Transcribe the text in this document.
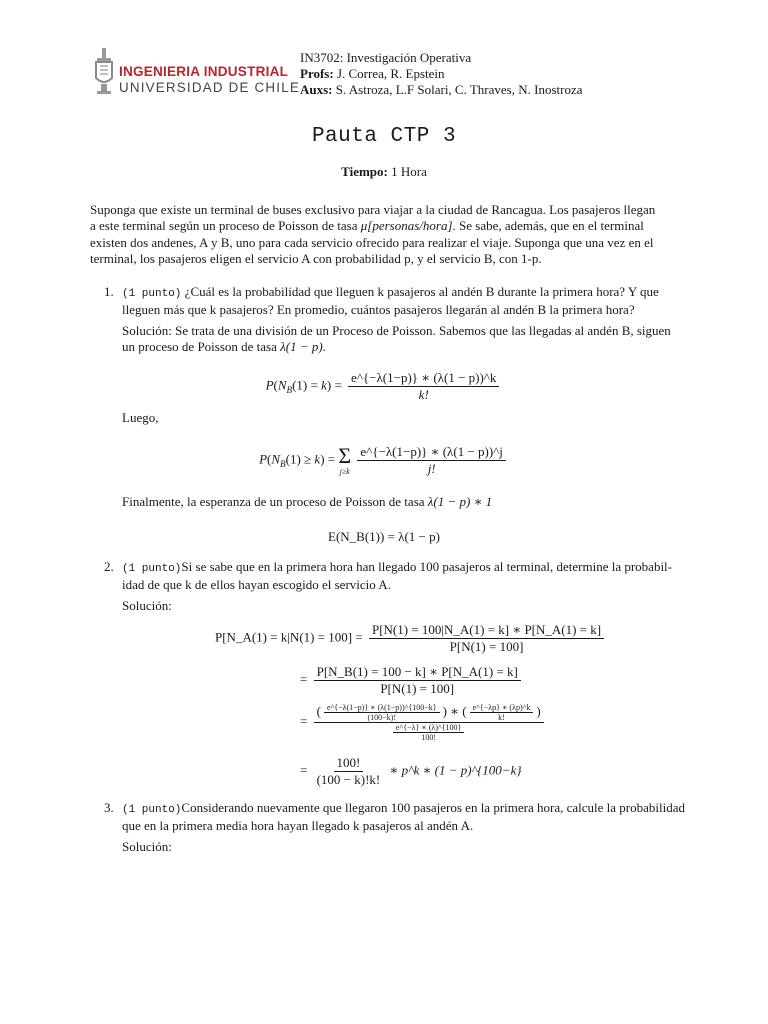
INGENIERIA INDUSTRIAL
UNIVERSIDAD DE CHILE
IN3702: Investigación Operativa
Profs: J. Correa, R. Epstein
Auxs: S. Astroza, L.F Solari, C. Thraves, N. Inostroza
Pauta CTP 3
Tiempo: 1 Hora
Suponga que existe un terminal de buses exclusivo para viajar a la ciudad de Rancagua. Los pasajeros llegan
a este terminal según un proceso de Poisson de tasa μ[personas/hora]. Se sabe, además, que en el terminal
existen dos andenes, A y B, uno para cada servicio ofrecido para realizar el viaje. Suponga que una vez en el
terminal, los pasajeros eligen el servicio A con probabilidad p, y el servicio B, con 1-p.
1. (1 punto) ¿Cuál es la probabilidad que lleguen k pasajeros al andén B durante la primera hora? Y que
lleguen más que k pasajeros? En promedio, cuántos pasajeros llegarán al andén B la primera hora?
Solución: Se trata de una división de un Proceso de Poisson. Sabemos que las llegadas al andén B, siguen
un proceso de Poisson de tasa λ(1 − p).
$P(N_B(1) = k) = \frac{e\^{}\{-\lambda(1-p)\} ∗ (\lambda(1 - p))\^{}k}{k!}$
Luego,
$P(N_B(1) \ge k) = \Sigma$
j≥k
$\frac{e\^{}\{-\lambda(1-p)\} ∗ (\lambda(1 - p))\^{}j}{j!}$
Finalmente, la esperanza de un proceso de Poisson de tasa λ(1 − p) ∗ 1
E(N_B(1)) = λ(1 − p)
2. (1 punto)Si se sabe que en la primera hora han llegado 100 pasajeros al terminal, determine la probabil-
idad de que k de ellos hayan escogido el servicio A.
Solución:
P[N_A(1) = $k|N(1) = 100] = \frac{P[N(1) = 100|N\_A(1) = k] ∗ P[N\_A(1) = k]}{P[N(1) = 100]}$
= $\frac{P[N\_B(1) = 100 - k] ∗ P[N\_A(1) = k]}{P[N(1) = 100]}$
=
( $\frac{e\^{}\{-\lambda(1-p)\} ∗ (\lambda(1-p))\^{}\{100-k\}}{(100-k)!}$ ) ∗ ( $\frac{e\^{}\{-\lambda p\} ∗ (\lambda p)\^{}k}{k!}$ )
$\frac{e\^{}\{-\lambda\} ∗ (\lambda)\^{}\{100\}}{100!}$
= $\frac{100!}{(100 - k)!k!}$ ∗ p^k ∗ (1 − p)^{100−k}
3. (1 punto)Considerando nuevamente que llegaron 100 pasajeros en la primera hora, calcule la probabilidad
que en la primera media hora hayan llegado k pasajeros al andén A.
Solución:
